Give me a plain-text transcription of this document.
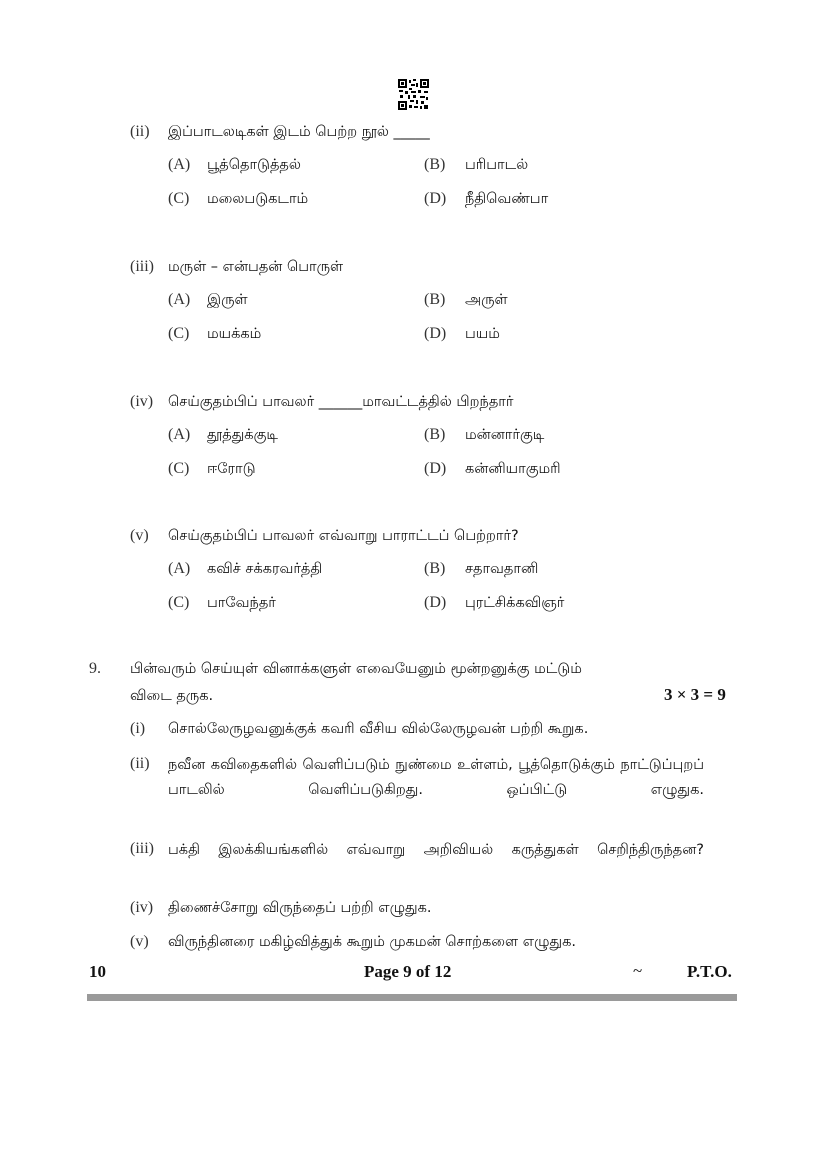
(ii) இப்பாடலடிகள் இடம் பெற்ற நூல் _____
(A) பூத்தொடுத்தல்	(B) பரிபாடல்
(C) மலைபடுகடாம்	(D) நீதிவெண்பா
(iii) மருள் – என்பதன் பொருள்
(A) இருள்	(B) அருள்
(C) மயக்கம்	(D) பயம்
(iv) செய்குதம்பிப் பாவலர் ______மாவட்டத்தில் பிறந்தார்
(A) தூத்துக்குடி	(B) மன்னார்குடி
(C) ஈரோடு	(D) கன்னியாகுமரி
(v) செய்குதம்பிப் பாவலர் எவ்வாறு பாராட்டப் பெற்றார்?
(A) கவிச் சக்கரவர்த்தி	(B) சதாவதானி
(C) பாவேந்தர்	(D) புரட்சிக்கவிஞர்
9. பின்வரும் செய்யுள் வினாக்களுள் எவையேனும் மூன்றனுக்கு மட்டும்
விடை தருக.	3 × 3 = 9
(i) சொல்லேருழவனுக்குக் கவரி வீசிய வில்லேருழவன் பற்றி கூறுக.
(ii) நவீன கவிதைகளில் வெளிப்படும் நுண்மை உள்ளம், பூத்தொடுக்கும் நாட்டுப்புறப் பாடலில் வெளிப்படுகிறது. ஒப்பிட்டு எழுதுக.
(iii) பக்தி இலக்கியங்களில் எவ்வாறு அறிவியல் கருத்துகள் செறிந்திருந்தன?
(iv) திணைச்சோறு விருந்தைப் பற்றி எழுதுக.
(v) விருந்தினரை மகிழ்வித்துக் கூறும் முகமன் சொற்களை எழுதுக.
10	Page 9 of 12	~	P.T.O.
